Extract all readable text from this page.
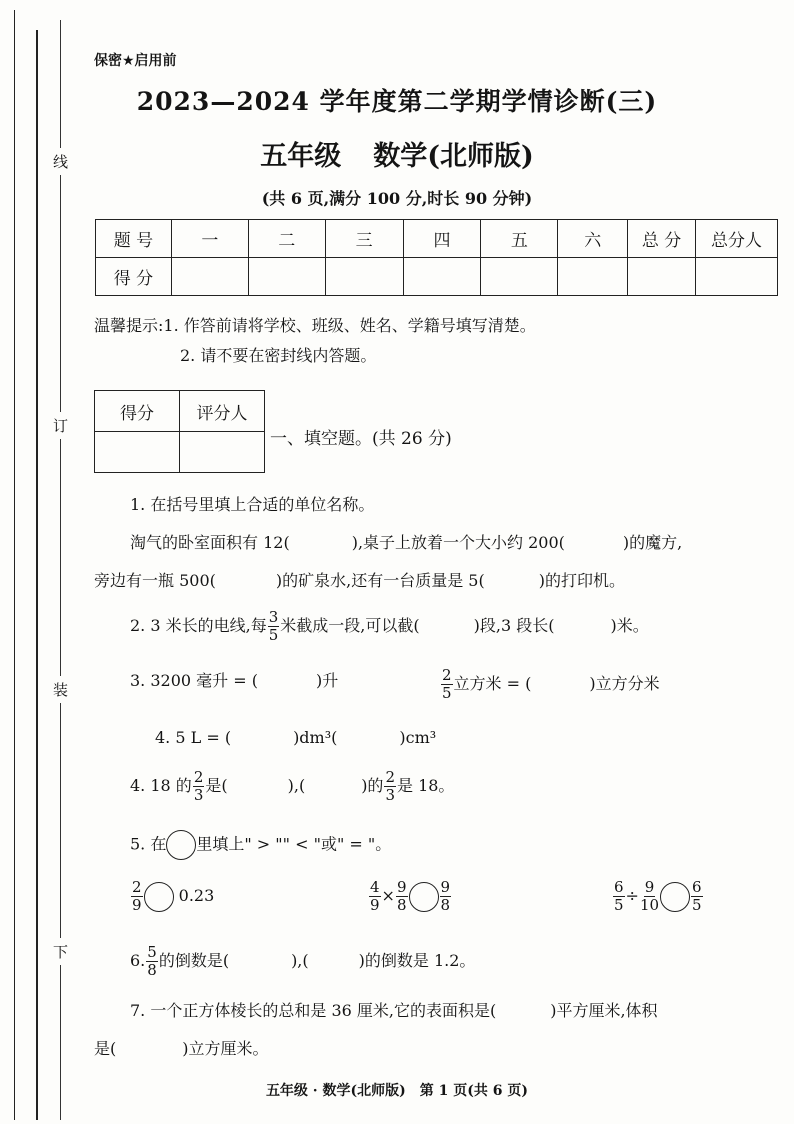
线
订
装
下
保密★启用前
2023—2024 学年度第二学期学情诊断(三)
五年级 数学(北师版)
(共 6 页,满分 100 分,时长 90 分钟)
题 号	一	二	三	四	五	六	总 分	总分人
得 分								
温馨提示:1. 作答前请将学校、班级、姓名、学籍号填写清楚。
2. 请不要在密封线内答题。
得分	评分人

一、填空题。(共 26 分)
1. 在括号里填上合适的单位名称。
淘气的卧室面积有 12(	),桌子上放着一个大小约 200(	)的魔方,
旁边有一瓶 500(	)的矿泉水,还有一台质量是 5(	)的打印机。
2. 3 米长的电线,每 $\frac{3}{5}$ 米截成一段,可以截(	)段,3 段长(	)米。
3. 3200 毫升 = (	)升	$\frac{2}{5}$ 立方米 = (	)立方分米
4. 5 L = (	)dm³(	)cm³
4. 18 的 $\frac{2}{3}$ 是(	),(	)的 $\frac{2}{3}$ 是 18。
5. 在 里填上" > "" < "或" = "。
$\frac{2}{9} 0.23$	$\frac{4}{9} \times \frac{9}{8} \frac{9}{8}$	$\frac{6}{5} \div \frac{9}{10} \frac{6}{5}$
6. $\frac{5}{8}$ 的倒数是(	),(	)的倒数是 1.2。
7. 一个正方体棱长的总和是 36 厘米,它的表面积是(	)平方厘米,体积
是(	)立方厘米。
五年级 · 数学(北师版)　第 1 页(共 6 页)
